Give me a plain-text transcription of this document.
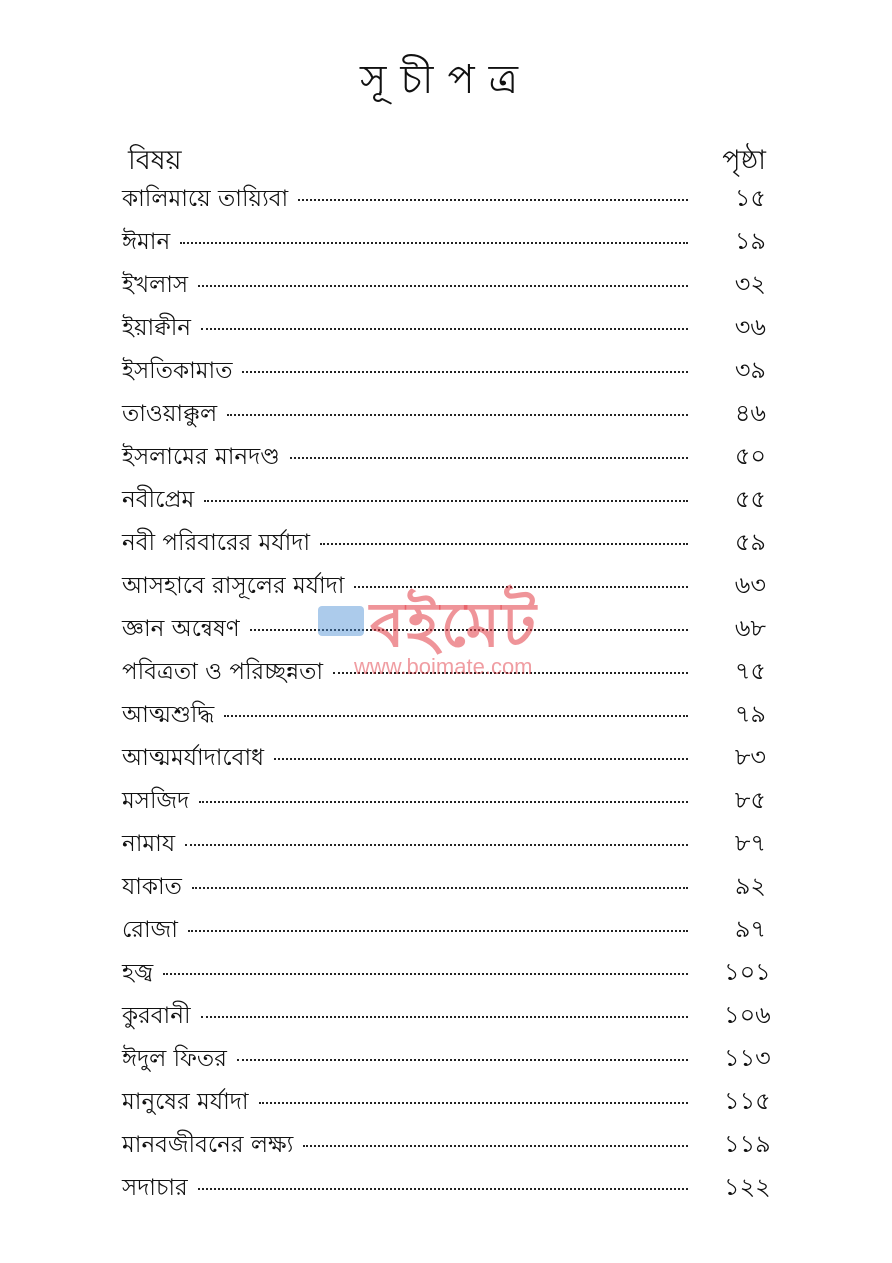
সূচীপত্র
বিষয়	পৃষ্ঠা
কালিমায়ে তায়্যিবা	১৫
ঈমান	১৯
ইখলাস	৩২
ইয়াক্বীন	৩৬
ইসতিকামাত	৩৯
তাওয়াক্কুল	৪৬
ইসলামের মানদণ্ড	৫০
নবীপ্রেম	৫৫
নবী পরিবারের মর্যাদা	৫৯
আসহাবে রাসূলের মর্যাদা	৬৩
জ্ঞান অন্বেষণ	৬৮
পবিত্রতা ও পরিচ্ছন্নতা	৭৫
আত্মশুদ্ধি	৭৯
আত্মমর্যাদাবোধ	৮৩
মসজিদ	৮৫
নামায	৮৭
যাকাত	৯২
রোজা	৯৭
হজ্ব	১০১
কুরবানী	১০৬
ঈদুল ফিতর	১১৩
মানুষের মর্যাদা	১১৫
মানবজীবনের লক্ষ্য	১১৯
সদাচার	১২২
বইমেট
www.boimate.com
